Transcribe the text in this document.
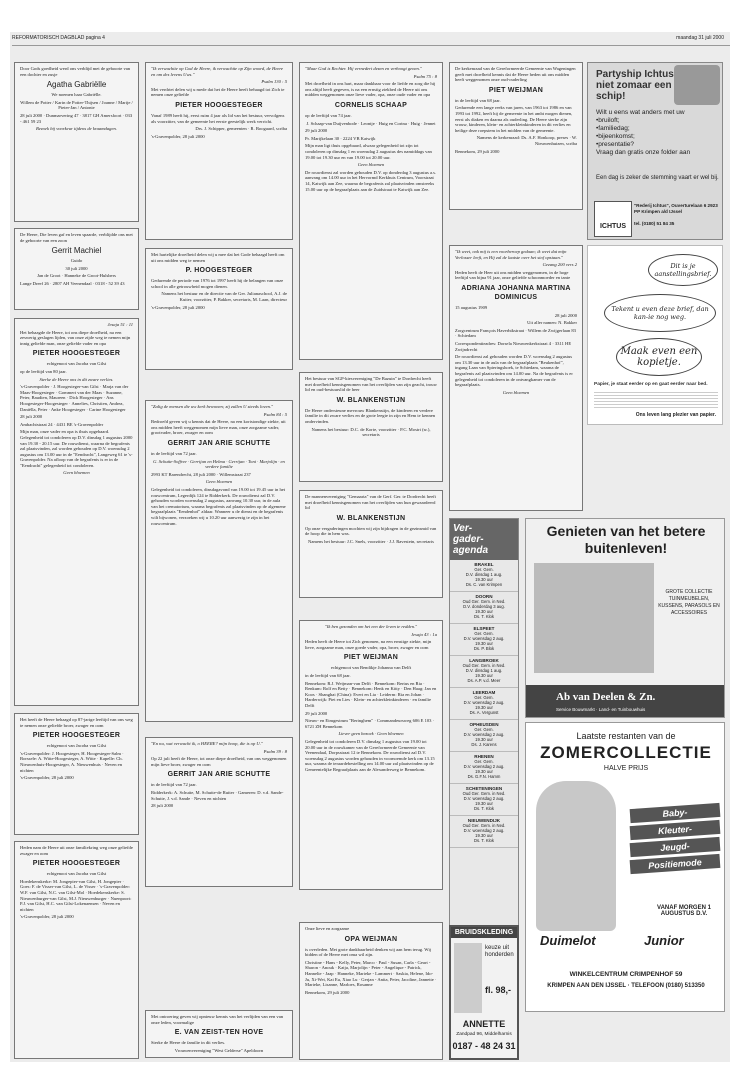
REFORMATORISCH DAGBLAD pagina 4	maandag 31 juli 2000

Door Gods goedheid werd ons verblijd met de geboorte van een dochter en zusje

Agatha Gabriëlle

We noemen haar Gabriëlle.

Willem de Potter / Karin de Potter-Thijsen / Joanne / Marije / Pieter-Jan / Antonie

28 juli 2000 · Dunmarvering 47 · 3817 GH Amersfoort · 033 - 461 59 23

Bezoek bij voorkeur tijdens de kraamdagen.

De Heere, Die leven gaf en leven spaarde, verblijdde ons met de geboorte van een zoon

Gerrit Machiel

Guido

30 juli 2000

Jan de Groot · Hanneke de Groot-Hulsbers

Lange Dreef 26 · 2807 AH Veenendaal · 0318 - 52 39 43

Jesaja 51 : 11

Het behaagde de Heere, tot ons diepe droefheid, na een zeswerig geslagen lijden, van onze zijde weg te nemen mijn innig geliefde man, onze geliefde vader en opa

PIETER HOOGESTEGER

echtgenoot van Jacoba van Gilst

op de leeftijd van 80 jaar.

Sterke de Heere ons in dit zware verlies.

's-Gravenpolder · J. Hoogesteger-van Gilst · Marja van der Maas-Hoogesteger · Gommert van der Maas · Suzanne, Peter, Baudien, Maureen · Dick Hoogesteger · Ans Hoogesteger-Hoogesteger · Annelies, Christien, Andrea, Daniëlla, Peter · Anke Hoogesteger · Carine Hoogesteger

28 juli 2000

Ambachtstraat 24 · 4431 BE 's-Gravenpolder

Mijn man, onze vader en opa is thuis opgebaard. Gelegenheid tot condoleren op D.V. dinsdag 1 augustus 2000 van 19.30 - 20.15 uur. De rouwdienst, waarna de begrafenis zal plaatsvinden, zal worden gehouden op D.V. woensdag 2 augustus om 13.00 uur in de "Eendracht", Langeweg 61 te 's-Gravenpolder. Na afloop van de begrafenis is er in de "Eendracht" gelegenheid tot condoleren.

Geen bloemen

Het heeft de Heere behaagd op 87-jarige leeftijd van ons weg te nemen onze geliefde broer, zwager en oom

PIETER HOOGESTEGER

echtgenoot van Jacoba van Gilst

's-Gravenpolder: J. Hoogesteger, H. Hoogesteger-Salm · Borssele: A. Witte-Hoogesteger, A. Witte · Kapelle: Ch. Nieuwenhuis-Hoogesteger, A. Nieuwenhuis · Neven en nichten

's-Gravenpolder, 28 juli 2000

Heden nam de Heere uit onze familiekring weg onze geliefde zwager en oom

PIETER HOOGESTEGER

echtgenoot van Jacoba van Gilst

Hoedekenskerke: M. Jongepier-van Gilst, H. Jongepier · Goes: F. de Visser-van Gilst, L. de Visser · 's-Gravenpolder: W.F. van Gilst, N.C. van Gilst-Mol · Hoedekenskerke: S. Nieuwenburger-van Gilst, M.J. Nieuwenburger · Nuenpoort: P.J. van Gilst, H.C. van Gilst-Lokenaensen · Neven en nichten

's-Gravenpolder, 28 juli 2000

"Ik verwachtte op God de Heere, ik verwachtte op Zijn woord, de Heere en om des levens Uws."

Psalm 130 : 5

Met verdriet delen wij u mede dat het de Heere heeft behaagd tot Zich te nemen onze geliefde

PIETER HOOGESTEGER

Vanaf 1989 heeft hij, eerst ruim 4 jaar als lid van het bestuur, vervolgens als voorzitter, van de gemeente het eerste geestelijk werk verricht.

Drs. J. Schipper, gemeenten · R. Boogaard, scriba

's-Gravenpolder, 28 juli 2000

Met hartelijke droefheid delen wij u mee dat het Gode behaagd heeft om uit ons midden weg te nemen

P. HOOGESTEGER

Gedurende de periode van 1976 tot 1997 heeft hij de belangen van onze school in alle getrouwheid mogen dienen.

Namens het bestuur en de directie van de Ger. Julianaschool, A.J. de Kuiter, voorzitter, P. Bakker, secretaris, M. Laan, directeur

's-Gravenpolder, 28 juli 2000

"Zalig de mensen die uw kerk bewonen; zij zullen U steeds loven."

Psalm 84 : 5

Bedroefd geven wij u kennis dat de Heere, na een kortstondige ziekte, uit ons midden heeft weggenomen mijn lieve man, onze zorgzame vader, grootvader, broer, zwager en oom

GERRIT JAN ARIE SCHUTTE

in de leeftijd van 72 jaar.

G. Schutte-Soffree · Gerrijan en Helma · Gerrijan · Toni · Marjolijn · en verdere familie

2993 KT Barendrecht, 28 juli 2000 · Willemstraat 237

Geen bloemen

Gelegenheid tot condoleren, dinsdagavond van 19.00 tot 19.45 uur in het rouwcentrum, Legerdijk 124 te Ridderkerk. De rouwdienst zal D.V. gehouden worden woensdag 2 augustus, aanvang 10.30 uur, in de aula van het crematorium, waarna begrafenis zal plaatsvinden op de algemene begraafplaats "Eendenhof" aldaar. Wanneer u de dienst en de begrafenis wilt bijwonen, verzoeken wij u 10.20 uur aanwezig te zijn in het rouwcentrum.

"En nu, wat verwacht ik, o HEERE? mijn hoop, die is op U."

Psalm 39 : 8

Op 22 juli heeft de Heere, tot onze diepe droefheid, van ons weggenomen mijn lieve broer, zwager en oom

GERRIT JAN ARIE SCHUTTE

in de leeftijd van 72 jaar.

Ridderkerk: A. Schutte, M. Schutte-de Ruiter · Gameren: D. v.d. Sande-Schutte, J. v.d. Sande · Neven en nichten

28 juli 2000

Met ontroering geven wij opnieuw kennis van het verlijden van een van onze leden, voormalige

E. VAN ZEIST-TEN HOVE

Sterke de Heere de familie in dit verlies.

Vrouwenvereniging "West Gelderse" Apeldoorn

"Maar God is Rechter. Hij vernedert dezen en verhoogt genen."

Psalm 75 : 8

Met droefheid in ons hart, maar dankbaar voor de liefde en zorg die hij ons altijd heeft gegeven, is na een ernstig ziekbed de Heere uit ons midden weggenomen onze lieve vader, opa, onze oude vader en opa

CORNELIS SCHAAP

op de leeftijd van 74 jaar.

J. Schaap-van Duijvenbode · Leontje · Huig en Corina · Huig · Jennet

29 juli 2000

Pr. Marijkelaan 30 · 2224 VB Katwijk

Mijn man ligt thuis opgebaard, alwaar gelegenheid tot zijn tot condoleren op dinsdag 1 en woensdag 2 augustus des namiddags van 19.00 tot 19.30 uur en van 19.00 tot 20.00 uur.

Geen bloemen

De rouwdienst zal worden gehouden D.V. op donderdag 3 augustus a.s. aanvang om 14.00 uur in het Hervormd Kerkhuis Centrum, Voorstraat 14, Katwijk aan Zee, waarna de begrafenis zal plaatsvinden omstreeks 15.00 uur op de begraafplaats aan de Zuidstraat te Katwijk aan Zee.

Het bestuur van SGP-kiesvereniging "De Bazuin" te Dordrecht heeft met droefheid kennisgenomen van het overlijden van zijn geacht, trouw lid en oud-bestuurslid de heer

W. BLANKENSTIJN

De Heere ondersteune mevrouw Blankenstijn, de kinderen en verdere familie in dit zware verlies en de grote leegte in zijn en Hem te kennen ondervinden.

Namens het bestuur: D.C. de Korte, voorzitter · P.C. Mostrt (sr.), secretaris

De mannenvereniging "Gemaaria" van de Gerf. Ger. te Dordrecht heeft met droefheid kennisgenomen van het overlijden van hun gewaardeerd lid

W. BLANKENSTIJN

Op onze vergaderingen mochten wij zijn bijdragen in de gezinsmid van de hoop die in hem was.

Namens het bestuur: J.C. Snels, voorzitter · J.J. Ravestein, secretaris

"Ik ben gezonden om het een der leven te redden."

Jesaja 43 : 1a

Heden heeft de Heere tot Zich genomen, na een ernstige ziekte, mijn lieve, zorgzame man, onze goede vader, opa, broer, zwager en oom

PIET WEIJMAN

echtgenoot van Bendikje Johanna van Delft

in de leeftijd van 68 jaar.

Bennekom: R.J. Weijman-van Delft · Bennekom: Bertus en Ria · Renkum: Rolf en Betty · Bennekom: Henk en Kitty · Den Haag: Jan en Koos · Shanghai (China): Evert en Lia · Leiderm: Ria en Johan · Harderwijk: Piet en Lies · Klein- en achterkleinkinderen · en familie Delft

29 juli 2000

Nieuw- en Eimgestrum "Beringhem" · Commandeursweg 606 E 103 · 6721 ZH Bennekom

Liever geen bezoek · Geen bloemen

Gelegenheid tot condoleren D.V. dinsdag 1 augustus van 19.00 tot 20.00 uur in de rouwkamer van de Gereformeerde Gemeente van Veenendaal, Dorpsstraat 12 te Bennekom. De rouwdienst zal D.V. woensdag 2 augustus worden gehouden in voornoemde kerk om 13.15 uur, waarna de teraardebestelling om 14.00 uur zal plaatsvinden op de Gemeentelijke Begraafplaats aan de Alexanderweg te Bennekom.

Onze lieve en zorgzame

OPA WEIJMAN

is overleden. Met grote dankbaarheid denken wij aan hem terug. Wij bidden of de Heere met oma wil zijn.

Christine - Hans - Kelly, Peter, Marco · Paul - Susan, Carla - Geart - Sharon - Anouk · Katja, Marjolijn - Peter - Angelique - Patrick, Hannelie - Jaap · Hanneke, Marieke - Lammert · Saskia, Helene, Ido-Ju, Xi-Wei, Kai Eu, Xiao Lu · Gerjan - Anita, Peter, Jacoline, Jannette · Marieke, Lisanne, Marloes, Rosanne

Bennekom, 29 juli 2000

De kerkenraad van de Gereformeerde Gemeente van Wageningen geeft met droefheid kennis dat de Heere heden uit ons midden heeft weggenomen onze oud-ouderling

PIET WEIJMAN

in de leeftijd van 68 jaar.

Gedurende een lange reeks van jaren, van 1963 tot 1986 en van 1993 tot 1992, heeft hij de gemeente in het ambt mogen dienen, eerst als diaken en daarna als ouderling. De Heere sterke zijn vrouw, kinderen, klein- en achterkleinkinderen in dit verlies en heilige deze roepstem in het midden van de gemeente.

Namens de kerkenraad: Ds. A.F. Honkoop, preses · W. Nieuwenhuizen, scriba

Bennekom, 29 juli 2000

"Ik weet, ook mij is een voorberoep gedaan; ik weet dat mijn Verlosser leeft, en Hij zal de laatste over het stof opstaan."

Gezang 200 vers 2

Heden heeft de Heer uit ons midden weggenomen, in de hoge leeftijd van bijna 91 jaar, onze geliefde schoonmoeder en tante

ADRIANA JOHANNA MARTINA DOMINICUS

15 augustus 1909

28 juli 2000

Uit aller namen: N. Bakker

Zorgcentrum François Haverhtkstraat · Willem de Zwijgerlaan 83 · Schiedam

Correspondentieadres: Dorsela Nieuwenkerkstraat 4 · 3311 HE Zwijndrecht

De rouwdienst zal gehouden worden D.V. woensdag 2 augustus om 13.30 uur in de aula van de begraafplaats "Beukenhof", ingang Laan van Spieringshoek, te Schiedam, waarna de begrafenis zal plaatsvinden om 14.00 uur. Na de begrafenis is er gelegenheid tot condoleren in de ontvangkamer van de begraafplaats.

Geen bloemen

Ver-
gader-
agenda
BRAKEL
Ger. Gem.
D.V. dinsdag 1 aug.
19.30 uur
Ds. C. van Krimpen
DOORN
Oud Ger. Gem. in Ned.
D.V. donderdag 3 aug.
19.30 uur
Ds. T. Klok
ELSPEET
Ger. Gem.
D.V. woensdag 2 aug.
19.30 uur
Ds. P. Blok
LANGBROEK
Oud Ger. Gem. in Ned.
D.V. dinsdag 1 aug.
19.30 uur
Ds. A.P. v.d. Meer
LEERDAM
Ger. Gem.
D.V. woensdag 2 aug.
19.30 uur
Ds. A. Vergunst
OPHEUSDEN
Ger. Gem.
D.V. woensdag 2 aug.
19.30 uur
Ds. J. Karens
RHENEN
Ger. Gem.
D.V. woensdag 2 aug.
19.30 uur
Ds. G.F.N. Hamm
SCHETENINGEN
Oud Ger. Gem. in Ned.
D.V. woensdag 2 aug.
19.30 uur
Ds. T. Klok
NIEUWENDIJK
Oud Ger. Gem. in Ned.
D.V. woensdag 2 aug.
19.30 uur
Ds. T. Klok
Partyship Ichtus niet zomaar een schip!
Wilt u eens wat anders met uw
•bruiloft;
•familiedag;
•bijeenkomst;
•presentatie?
Vraag dan gratis onze folder aan
Een dag is zeker de stemming vaart er wel bij.
ICHTUS
"Rederij Ichtus", Ouverturelaan 6 2923 PP Krimpen a/d IJssel
tel. (0180) 51 84 35
Dit is je aanstellingsbrief.
Tekent u even deze brief, dan kan-ie nog weg.
Maak even een kopietje.
Papier, je staat eerder op en gaat eerder naar bed.
Ons leven lang plezier van papier.
Genieten van het betere buitenleven!
GROTE COLLECTIE TUINMEUBELEN, KUSSENS, PARASOLS EN ACCESSOIRES
Ab van Deelen & Zn.
Service Bouwmarkt · Land- en Tuinbouwhuis
Laatste restanten van de
ZOMERCOLLECTIE
HALVE PRIJS
Baby-
Kleuter-
Jeugd-
Positiemode
VANAF MORGEN 1 AUGUSTUS D.V.
Duimelot	Junior
WINKELCENTRUM CRIMPENHOF 59
KRIMPEN AAN DEN IJSSEL · TELEFOON (0180) 513350
BRUIDSKLEDING
keuze uit honderden
fl. 98,-
ANNETTE
Zandpad 96, Middelharnis
0187 - 48 24 31
